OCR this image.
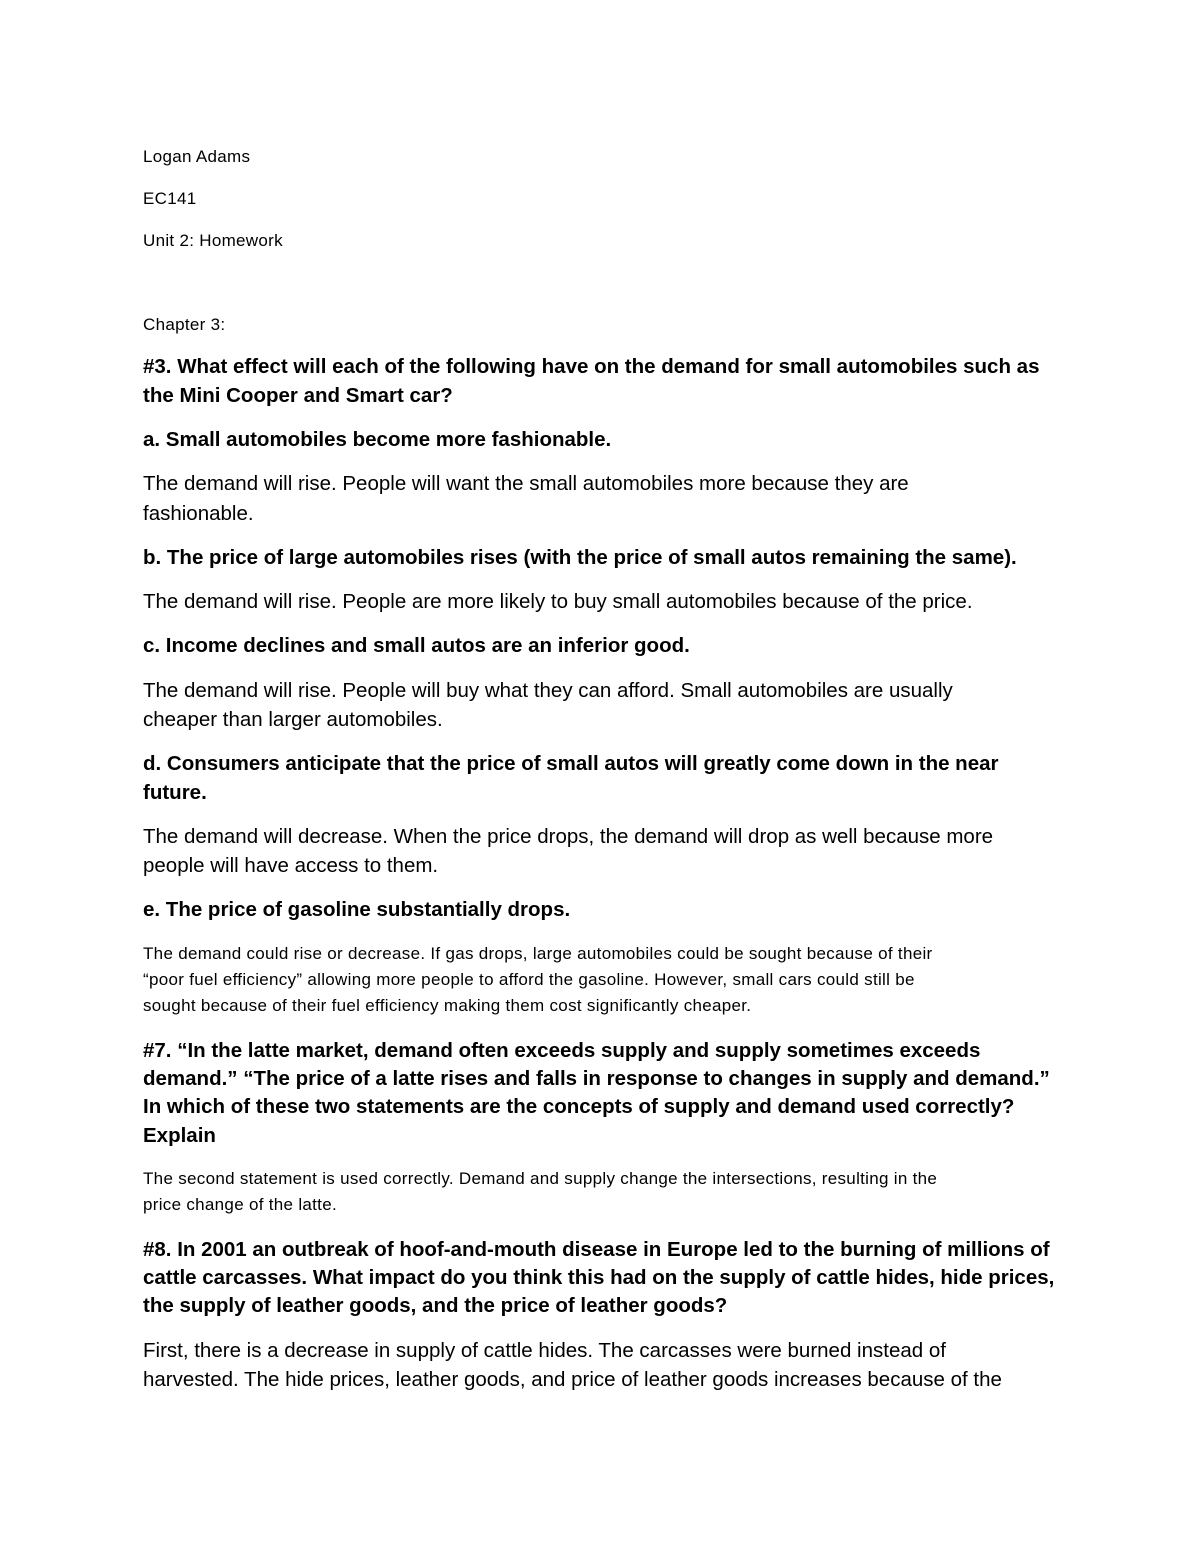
Logan Adams

EC141

Unit 2: Homework

Chapter 3:

#3. What effect will each of the following have on the demand for small automobiles such as

the Mini Cooper and Smart car?

a. Small automobiles become more fashionable.

The demand will rise. People will want the small automobiles more because they are

fashionable.

b. The price of large automobiles rises (with the price of small autos remaining the same).

The demand will rise. People are more likely to buy small automobiles because of the price.

c. Income declines and small autos are an inferior good.

The demand will rise. People will buy what they can afford. Small automobiles are usually

cheaper than larger automobiles.

d. Consumers anticipate that the price of small autos will greatly come down in the near

future.

The demand will decrease. When the price drops, the demand will drop as well because more

people will have access to them.

e. The price of gasoline substantially drops.

The demand could rise or decrease. If gas drops, large automobiles could be sought because of their

“poor fuel efficiency” allowing more people to afford the gasoline. However, small cars could still be

sought because of their fuel efficiency making them cost significantly cheaper.

#7. “In the latte market, demand often exceeds supply and supply sometimes exceeds

demand.” “The price of a latte rises and falls in response to changes in supply and demand.”

In which of these two statements are the concepts of supply and demand used correctly?

Explain

The second statement is used correctly. Demand and supply change the intersections, resulting in the

price change of the latte.

#8. In 2001 an outbreak of hoof-and-mouth disease in Europe led to the burning of millions of

cattle carcasses. What impact do you think this had on the supply of cattle hides, hide prices,

the supply of leather goods, and the price of leather goods?

First, there is a decrease in supply of cattle hides. The carcasses were burned instead of

harvested. The hide prices, leather goods, and price of leather goods increases because of the
